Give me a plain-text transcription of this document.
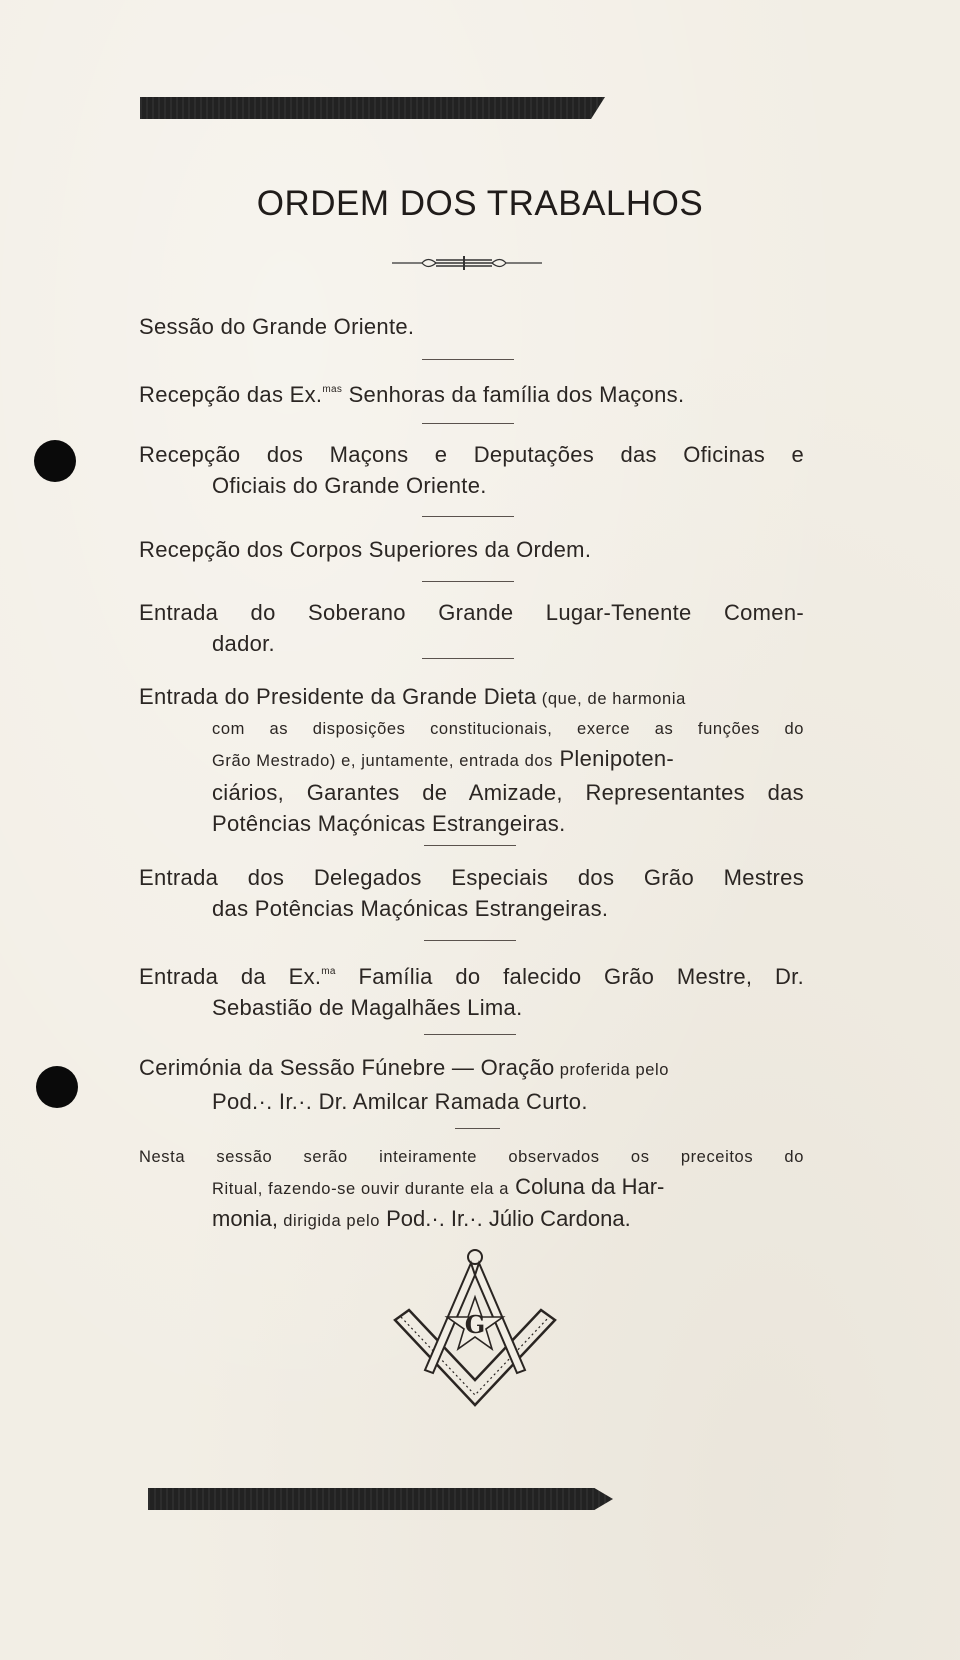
ORDEM DOS TRABALHOS
Sessão do Grande Oriente.
Recepção das Ex.$^{mas}$ Senhoras da família dos Maçons.
Recepção dos Maçons e Deputações das Oficinas e
Oficiais do Grande Oriente.
Recepção dos Corpos Superiores da Ordem.
Entrada do Soberano Grande Lugar-Tenente Comen-
dador.
Entrada do Presidente da Grande Dieta (que, de harmonia
com as disposições constitucionais, exerce as funções do
Grão Mestrado) e, juntamente, entrada dos Plenipoten-
ciários, Garantes de Amizade, Representantes das
Potências Maçónicas Estrangeiras.
Entrada dos Delegados Especiais dos Grão Mestres
das Potências Maçónicas Estrangeiras.
Entrada da Ex.$^{ma}$ Família do falecido Grão Mestre, Dr.
Sebastião de Magalhães Lima.
Cerimónia da Sessão Fúnebre — Oração proferida pelo
Pod.·. Ir.·. Dr. Amilcar Ramada Curto.
Nesta sessão serão inteiramente observados os preceitos do
Ritual, fazendo-se ouvir durante ela a Coluna da Har-
monia, dirigida pelo Pod.·. Ir.·. Júlio Cardona.
G
